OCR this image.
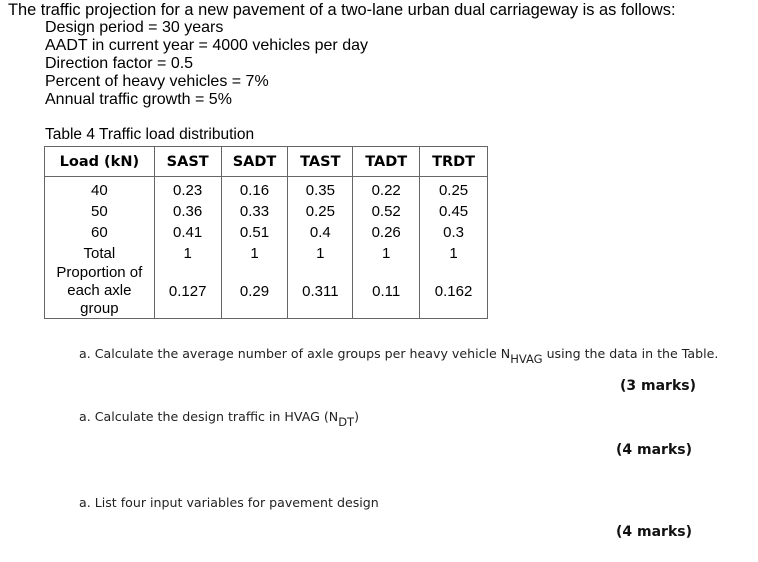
The traffic projection for a new pavement of a two-lane urban dual carriageway is as follows:
Design period = 30 years
AADT in current year = 4000 vehicles per day
Direction factor = 0.5
Percent of heavy vehicles = 7%
Annual traffic growth = 5%
Table 4 Traffic load distribution
Load (kN)	SAST	SADT	TAST	TADT	TRDT
40	0.23	0.16	0.35	0.22	0.25
50	0.36	0.33	0.25	0.52	0.45
60	0.41	0.51	0.4	0.26	0.3
Total	1	1	1	1	1
Proportion of
each axle
group	0.127	0.29	0.311	0.11	0.162
a. Calculate the average number of axle groups per heavy vehicle $N_{HVAG}$ using the data in the Table.
(3 marks)
a. Calculate the design traffic in HVAG $(N_{DT})$
(4 marks)
a. List four input variables for pavement design
(4 marks)
